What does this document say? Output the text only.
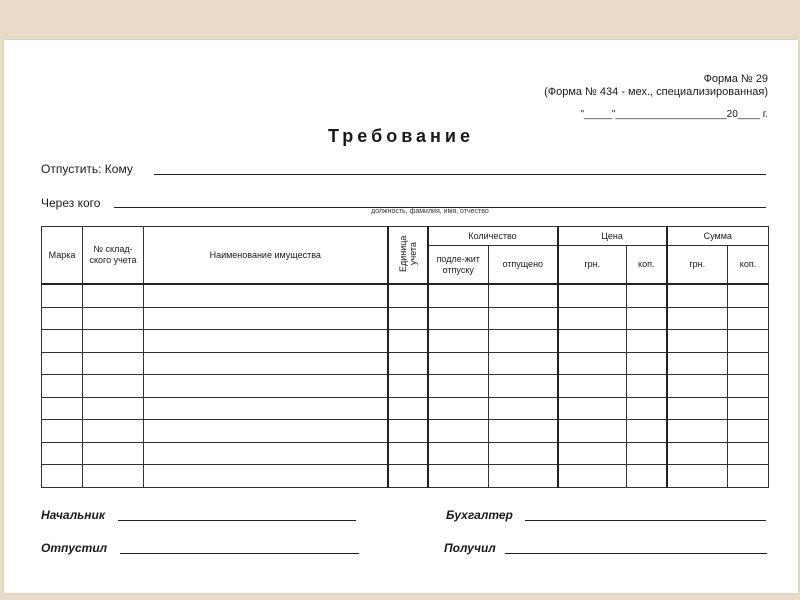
Форма № 29
(Форма № 434 - мех., специализированная)
"_____"____________________20____ г.
Требование
Отпустить: Кому
Через кого
должность, фамилия, имя, отчество
Марка	№ склад-ского учета	Наименование имущества	Единица учета	Количество		Цена		Сумма	
				подле-жит отпуску	отпущено	грн.	коп.	грн.	коп.

Начальник	Бухгалтер
Отпустил	Получил
